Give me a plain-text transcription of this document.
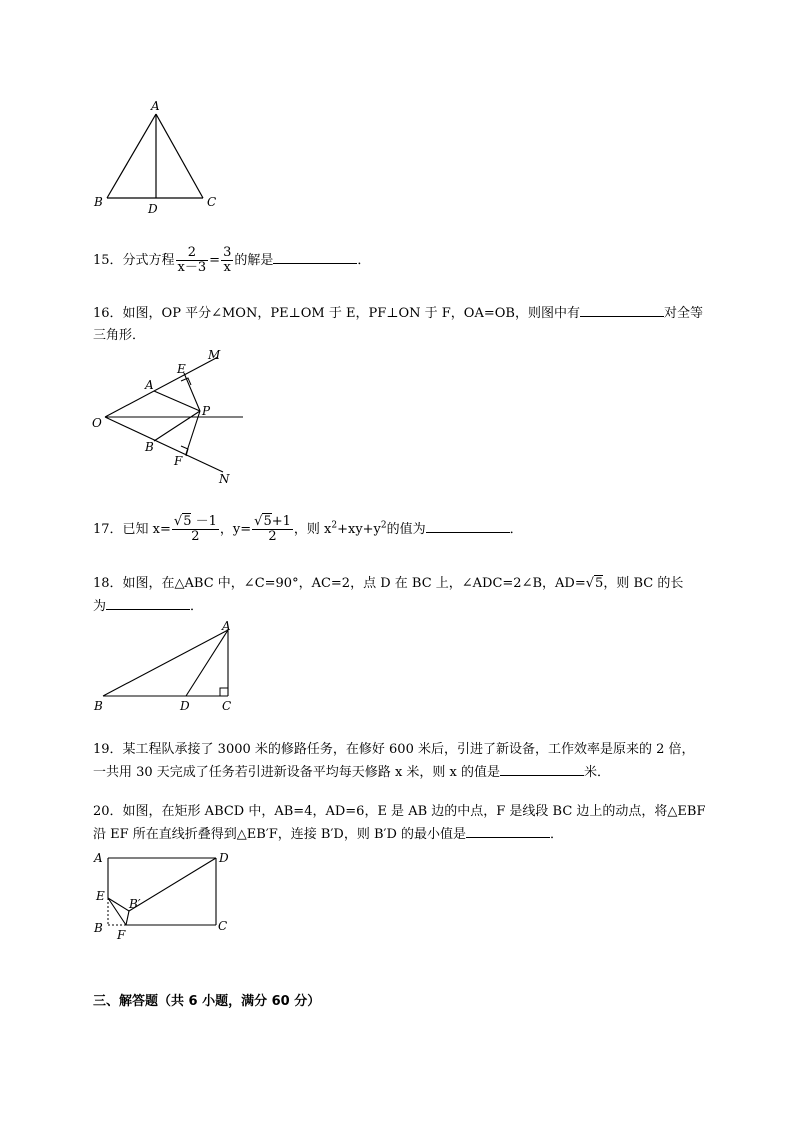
A
B	C
D
15．分式方程 $\frac{2}{x-3} = \frac{3}{x}$ 的解是	．
16．如图，OP 平分∠MON，PE⊥OM 于 E，PF⊥ON 于 F，OA=OB，则图中有	对全等
三角形．
O
A
E
M
P
B
F
N
17．已知 $x= \frac{√5 -1}{2}$ ，$y= \frac{√5+1}{2}$ ，则 $x^2+xy+y^2$的值为	．
18．如图，在△ABC 中，∠C=90°，AC=2，点 D 在 BC 上，∠ADC=2∠B，AD=√5，则 BC 的长
为	．
A
B	D	C
19．某工程队承接了 3000 米的修路任务，在修好 600 米后，引进了新设备，工作效率是原来的 2 倍，
一共用 30 天完成了任务若引进新设备平均每天修路 x 米，则 x 的值是	米．
20．如图，在矩形 ABCD 中，AB=4，AD=6，E 是 AB 边的中点，F 是线段 BC 边上的动点，将△EBF
沿 EF 所在直线折叠得到△EB′F，连接 B′D，则 B′D 的最小值是	．
A	D
E
B′
B F
C
三、解答题（共 6 小题，满分 60 分）
